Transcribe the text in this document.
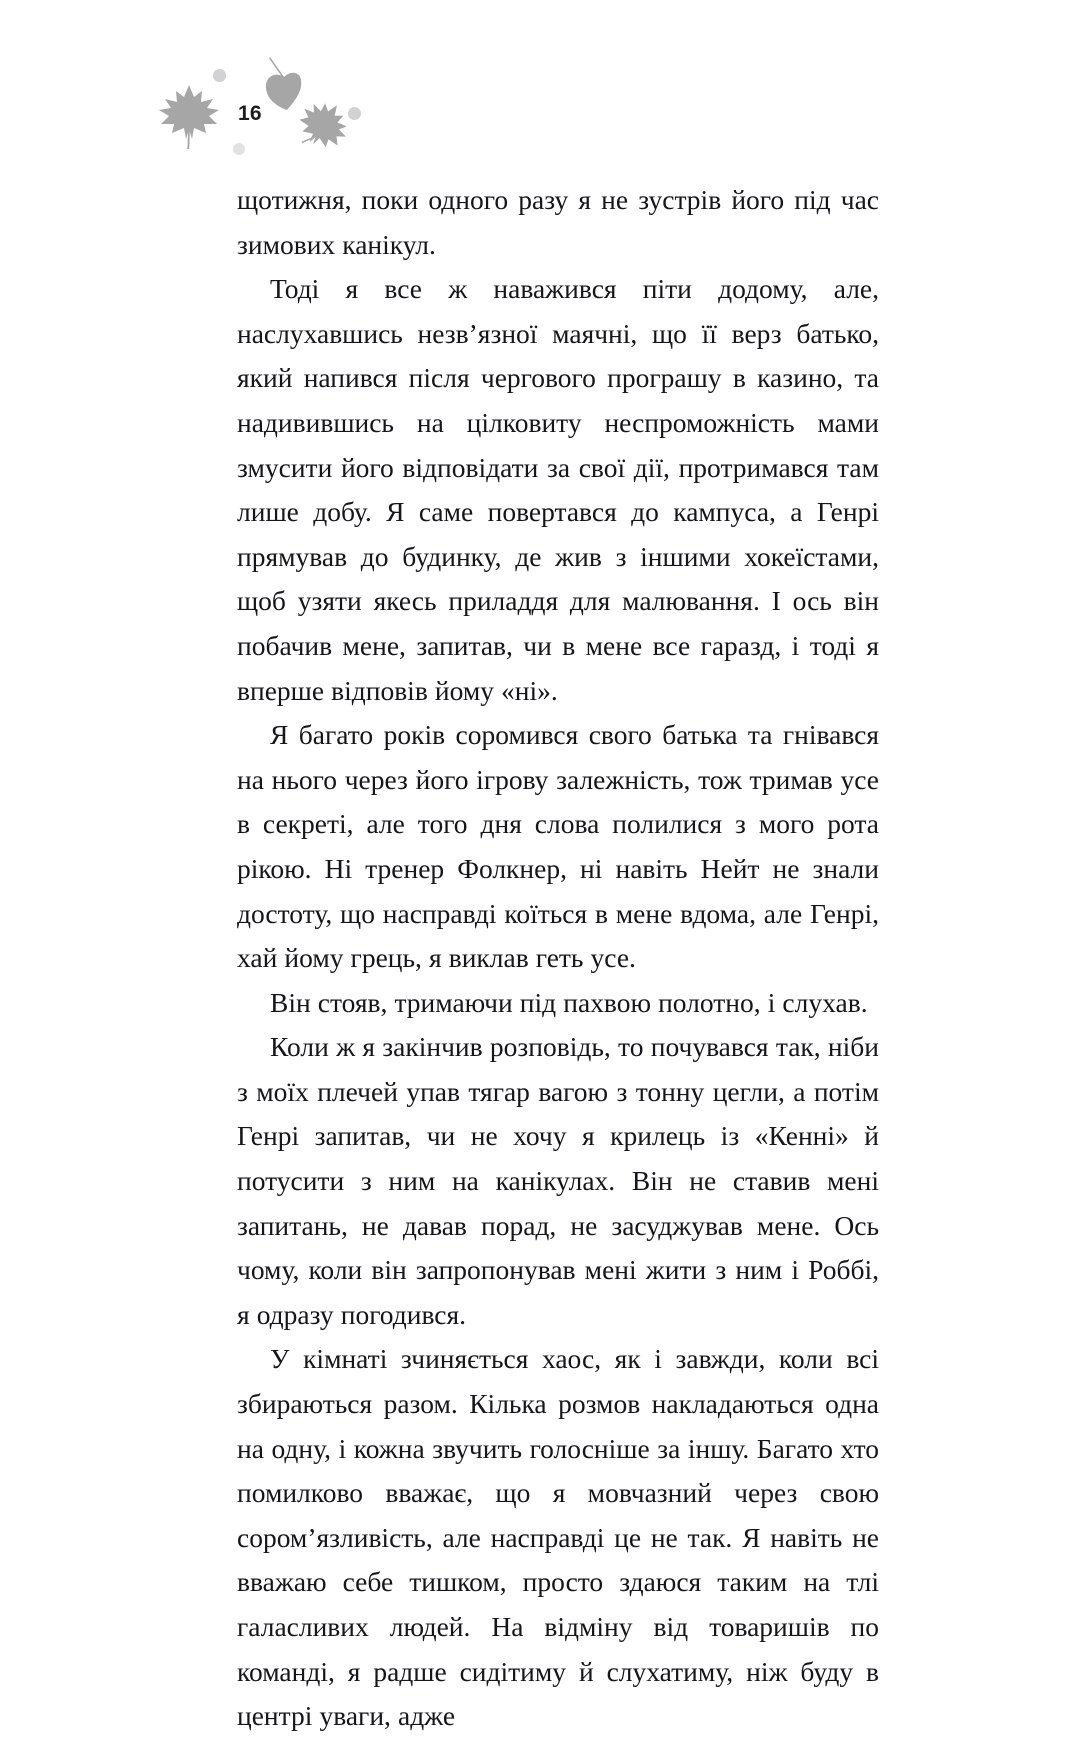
16

щотижня, поки одного разу я не зустрів його під час зимових канікул.

Тоді я все ж наважився піти додому, але, наслухавшись незв’язної маячні, що її верз батько, який напився після чергового програшу в казино, та надивившись на цілковиту неспроможність мами змусити його відповідати за свої дії, протримався там лише добу. Я саме повертався до кампуса, а Генрі прямував до будинку, де жив з іншими хокеїстами, щоб узяти якесь приладдя для малювання. І ось він побачив мене, запитав, чи в мене все гаразд, і тоді я вперше відповів йому «ні».

Я багато років соромився свого батька та гнівався на нього через його ігрову залежність, тож тримав усе в секреті, але того дня слова полилися з мого рота рікою. Ні тренер Фолкнер, ні навіть Нейт не знали достоту, що насправді коїться в мене вдома, але Генрі, хай йому грець, я виклав геть усе.

Він стояв, тримаючи під пахвою полотно, і слухав.

Коли ж я закінчив розповідь, то почувався так, ніби з моїх плечей упав тягар вагою з тонну цегли, а потім Генрі запитав, чи не хочу я крилець із «Кенні» й потусити з ним на канікулах. Він не ставив мені запитань, не давав порад, не засуджував мене. Ось чому, коли він запропонував мені жити з ним і Роббі, я одразу погодився.

У кімнаті зчиняється хаос, як і завжди, коли всі збираються разом. Кілька розмов накладаються одна на одну, і кожна звучить голосніше за іншу. Багато хто помилково вважає, що я мовчазний через свою сором’язливість, але насправді це не так. Я навіть не вважаю себе тишком, просто здаюся таким на тлі галасливих людей. На відміну від товаришів по команді, я радше сидітиму й слухатиму, ніж буду в центрі уваги, адже
